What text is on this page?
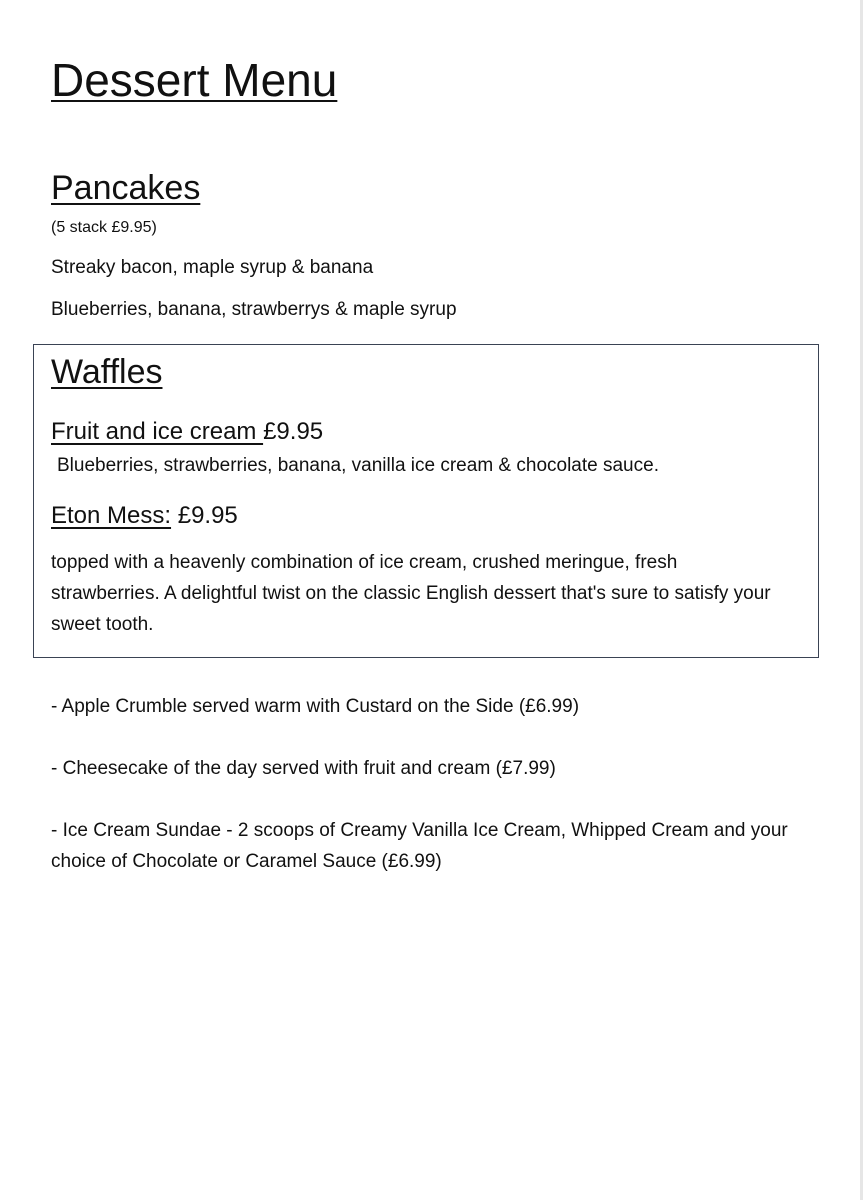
Dessert Menu
Pancakes
(5 stack £9.95)
Streaky bacon, maple syrup & banana
Blueberries, banana, strawberrys & maple syrup
Waffles
Fruit and ice cream £9.95
Blueberries, strawberries, banana, vanilla ice cream & chocolate sauce.
Eton Mess: £9.95

topped with a heavenly combination of ice cream, crushed meringue, fresh strawberries. A delightful twist on the classic English dessert that's sure to satisfy your sweet tooth.

- Apple Crumble served warm with Custard on the Side (£6.99)

- Cheesecake of the day served with fruit and cream (£7.99)

- Ice Cream Sundae - 2 scoops of Creamy Vanilla Ice Cream, Whipped Cream and your choice of Chocolate or Caramel Sauce (£6.99)
